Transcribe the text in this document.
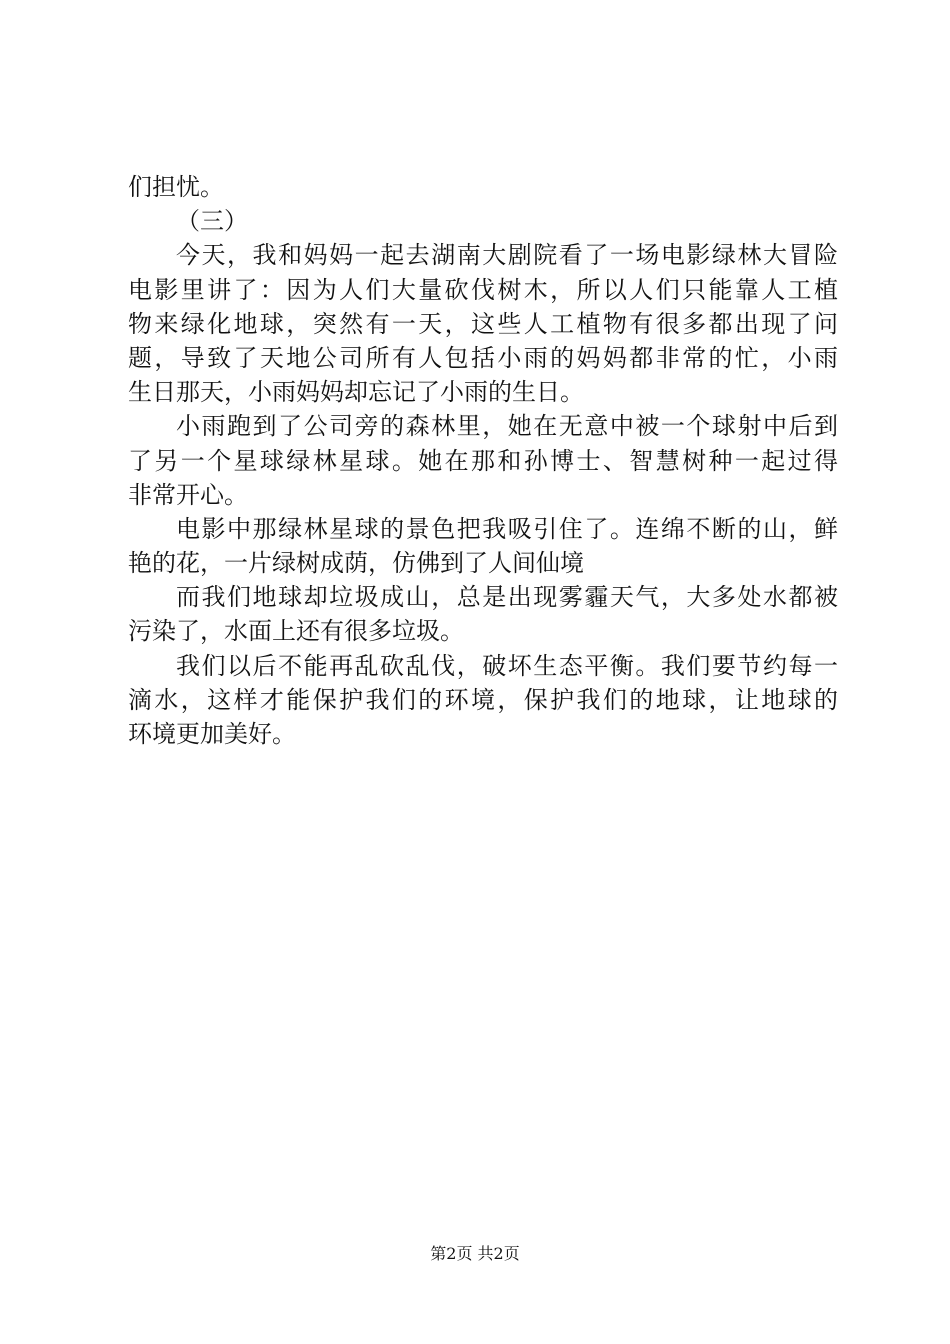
们担忧。
（三）
今天，我和妈妈一起去湖南大剧院看了一场电影绿林大冒险
电影里讲了：因为人们大量砍伐树木，所以人们只能靠人工植
物来绿化地球，突然有一天，这些人工植物有很多都出现了问
题，导致了天地公司所有人包括小雨的妈妈都非常的忙，小雨
生日那天，小雨妈妈却忘记了小雨的生日。
小雨跑到了公司旁的森林里，她在无意中被一个球射中后到
了另一个星球绿林星球。她在那和孙博士、智慧树种一起过得
非常开心。
电影中那绿林星球的景色把我吸引住了。连绵不断的山，鲜
艳的花，一片绿树成荫，仿佛到了人间仙境
而我们地球却垃圾成山，总是出现雾霾天气，大多处水都被
污染了，水面上还有很多垃圾。
我们以后不能再乱砍乱伐，破坏生态平衡。我们要节约每一
滴水，这样才能保护我们的环境，保护我们的地球，让地球的
环境更加美好。
第2页 共2页
